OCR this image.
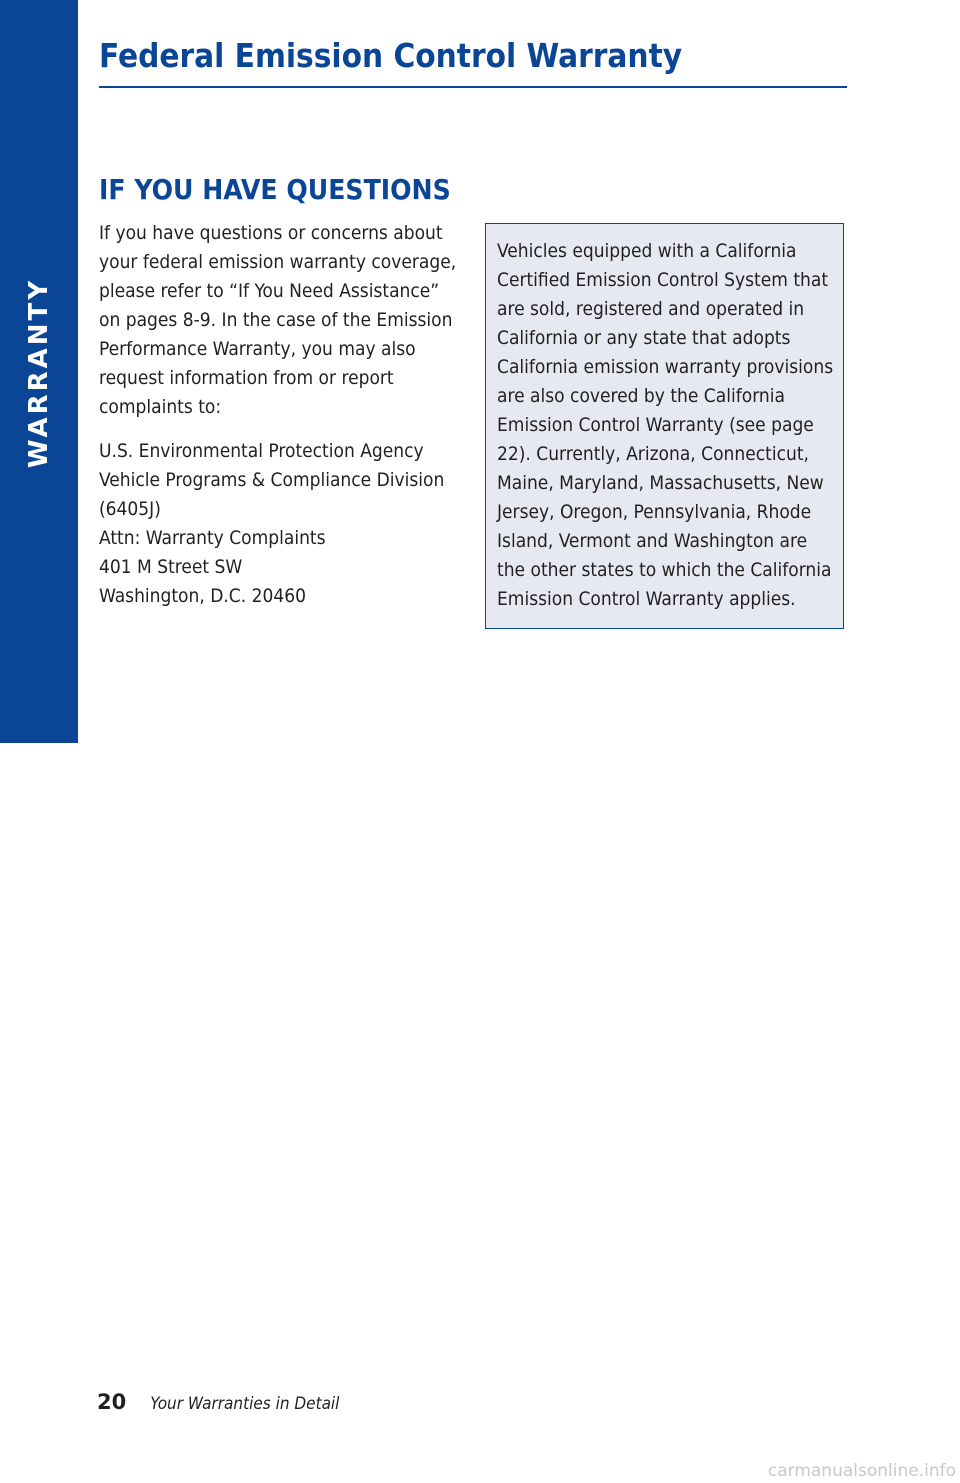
WARRANTY
Federal Emission Control Warranty
IF YOU HAVE QUESTIONS

If you have questions or concerns about your federal emission warranty coverage, please refer to “If You Need Assistance” on pages 8-9. In the case of the Emission Performance Warranty, you may also request information from or report complaints to:

U.S. Environmental Protection Agency
Vehicle Programs & Compliance Division
(6405J)
Attn: Warranty Complaints
401 M Street SW
Washington, D.C. 20460

Vehicles equipped with a California Certified Emission Control System that are sold, registered and operated in California or any state that adopts California emission warranty provisions are also covered by the California Emission Control Warranty (see page 22). Currently, Arizona, Connecticut, Maine, Maryland, Massachusetts, New Jersey, Oregon, Pennsylvania, Rhode Island, Vermont and Washington are the other states to which the California Emission Control Warranty applies.

20 Your Warranties in Detail
carmanualsonline.info
